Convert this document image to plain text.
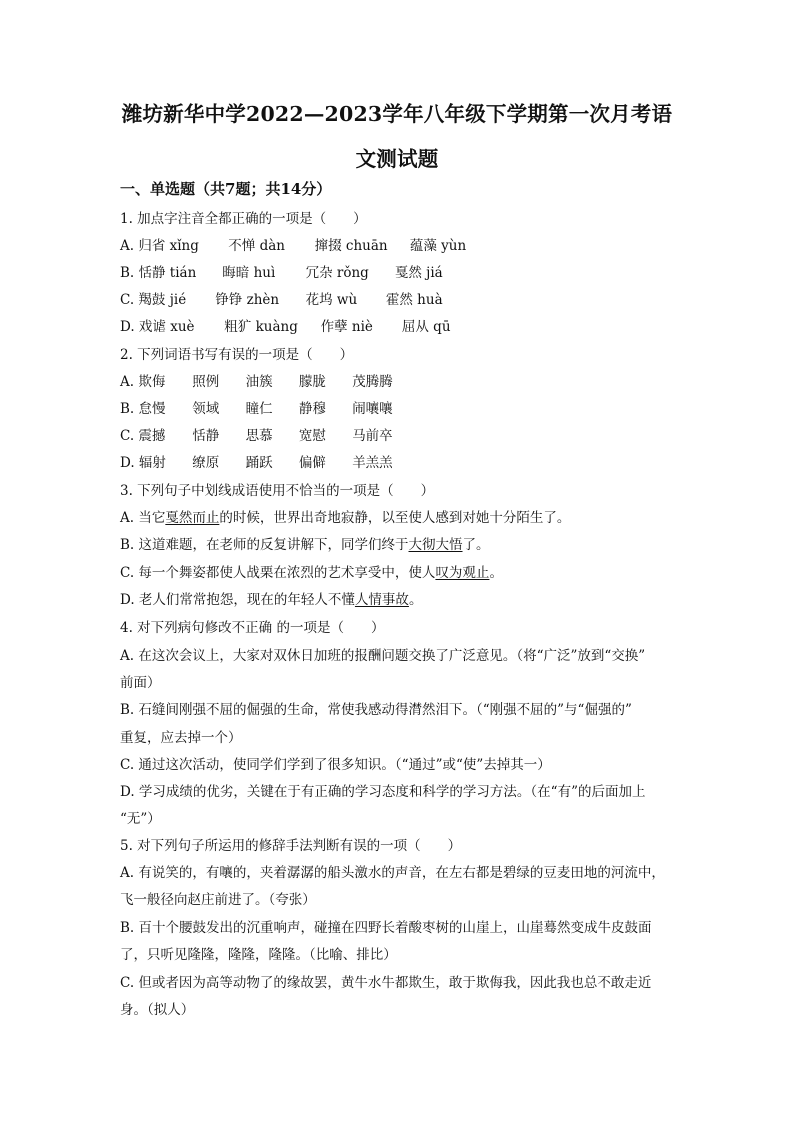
潍坊新华中学2022—2023学年八年级下学期第一次月考语
文测试题
一、单选题（共7题；共14分）
1. 加点字注音全都正确的一项是（　　）
A. 归省 xǐng 不惮 dàn 撺掇 chuān 蕴藻 yùn
B. 恬静 tián 晦暗 huì 冗杂 rǒng 戛然 jiá
C. 羯鼓 jié 铮铮 zhèn 花坞 wù 霍然 huà
D. 戏谑 xuè 粗犷 kuàng 作孽 niè 屈从 qū
2. 下列词语书写有误的一项是（　　）
A. 欺侮 照例 油簇 朦胧 茂腾腾
B. 怠慢 领域 瞳仁 静穆 闹嚷嚷
C. 震撼 恬静 思慕 宽慰 马前卒
D. 辐射 缭原 踊跃 偏僻 羊羔羔
3. 下列句子中划线成语使用不恰当的一项是（　　）
A. 当它戛然而止的时候，世界出奇地寂静，以至使人感到对她十分陌生了。
B. 这道难题，在老师的反复讲解下，同学们终于大彻大悟了。
C. 每一个舞姿都使人战栗在浓烈的艺术享受中，使人叹为观止。
D. 老人们常常抱怨，现在的年轻人不懂人情事故。
4. 对下列病句修改不正确 的一项是（　　）
A. 在这次会议上，大家对双休日加班的报酬问题交换了广泛意见。（将“广泛”放到“交换”
前面）
B. 石缝间刚强不屈的倔强的生命，常使我感动得潸然泪下。（“刚强不屈的”与“倔强的”
重复，应去掉一个）
C. 通过这次活动，使同学们学到了很多知识。（“通过”或“使”去掉其一）
D. 学习成绩的优劣，关键在于有正确的学习态度和科学的学习方法。（在“有”的后面加上
“无”）
5. 对下列句子所运用的修辞手法判断有误的一项（　　）
A. 有说笑的，有嚷的，夹着潺潺的船头激水的声音，在左右都是碧绿的豆麦田地的河流中，
飞一般径向赵庄前进了。（夸张）
B. 百十个腰鼓发出的沉重响声，碰撞在四野长着酸枣树的山崖上，山崖蓦然变成牛皮鼓面
了，只听见隆隆，隆隆，隆隆。（比喻、排比）
C. 但或者因为高等动物了的缘故罢，黄牛水牛都欺生，敢于欺侮我，因此我也总不敢走近
身。（拟人）
